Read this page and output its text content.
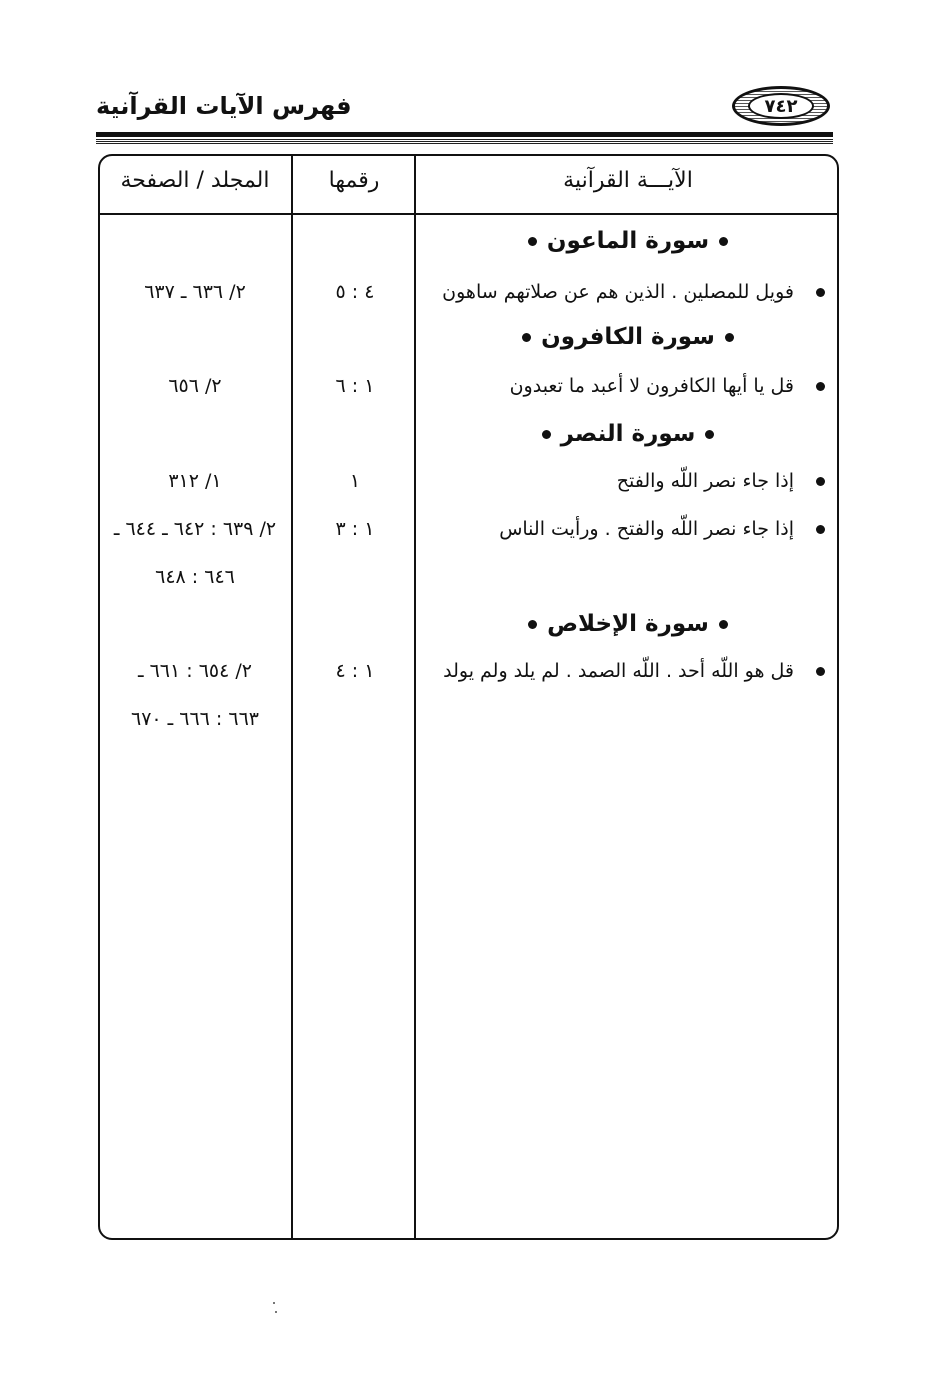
فهرس الآيات القرآنية	٧٤٢
الآيـــة القرآنية
رقمها
المجلد / الصفحة
سورة الماعون
فويل للمصلين . الذين هم عن صلاتهم ساهون
٤ : ٥
٢/ ٦٣٦ ـ ٦٣٧
سورة الكافرون
قل يا أيها الكافرون لا أعبد ما تعبدون
١ : ٦
٢/ ٦٥٦
سورة النصر
إذا جاء نصر اللّه والفتح
١
١/ ٣١٢
إذا جاء نصر اللّه والفتح . ورأيت الناس
١ : ٣
٢/ ٦٣٩ : ٦٤٢ ـ ٦٤٤ ـ
٦٤٦ : ٦٤٨
سورة الإخلاص
قل هو اللّه أحد . اللّه الصمد . لم يلد ولم يولد
١ : ٤
٢/ ٦٥٤ : ٦٦١ ـ
٦٦٣ : ٦٦٦ ـ ٦٧٠
